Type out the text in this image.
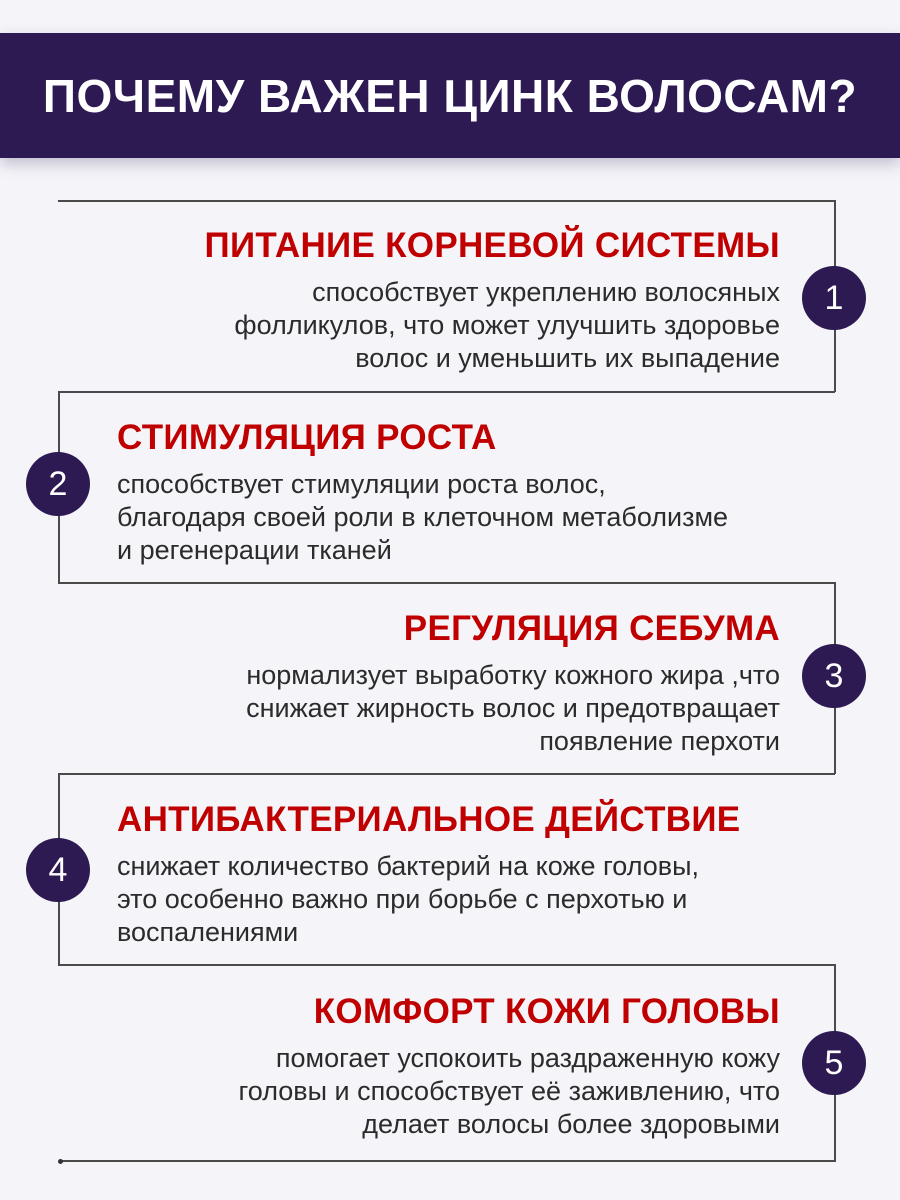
ПОЧЕМУ ВАЖЕН ЦИНК ВОЛОСАМ?
1
ПИТАНИЕ КОРНЕВОЙ СИСТЕМЫ
способствует укреплению волосяных
фолликулов, что может улучшить здоровье
волос и уменьшить их выпадение
2
СТИМУЛЯЦИЯ РОСТА
способствует стимуляции роста волос,
благодаря своей роли в клеточном метаболизме
и регенерации тканей
3
РЕГУЛЯЦИЯ СЕБУМА
нормализует выработку кожного жира ,что
снижает жирность волос и предотвращает
появление перхоти
4
АНТИБАКТЕРИАЛЬНОЕ ДЕЙСТВИЕ
снижает количество бактерий на коже головы,
это особенно важно при борьбе с перхотью и
воспалениями
5
КОМФОРТ КОЖИ ГОЛОВЫ
помогает успокоить раздраженную кожу
головы и способствует её заживлению, что
делает волосы более здоровыми
